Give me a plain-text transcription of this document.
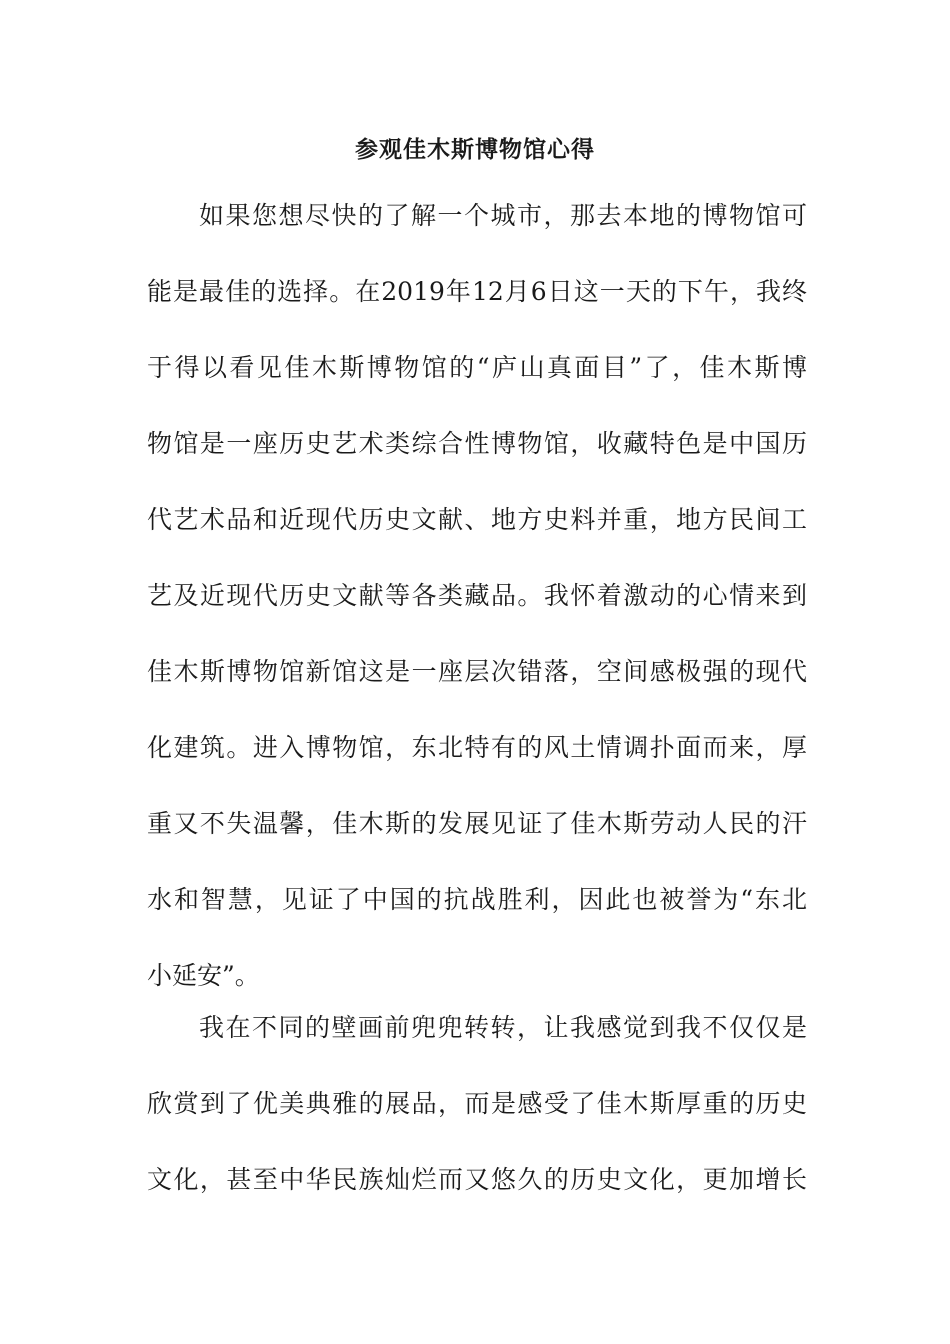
参观佳木斯博物馆心得
如果您想尽快的了解一个城市，那去本地的博物馆可
能是最佳的选择。在2019年12月6日这一天的下午，我终
于得以看见佳木斯博物馆的“庐山真面目”了，佳木斯博
物馆是一座历史艺术类综合性博物馆，收藏特色是中国历
代艺术品和近现代历史文献、地方史料并重，地方民间工
艺及近现代历史文献等各类藏品。我怀着激动的心情来到
佳木斯博物馆新馆这是一座层次错落，空间感极强的现代
化建筑。进入博物馆，东北特有的风土情调扑面而来，厚
重又不失温馨，佳木斯的发展见证了佳木斯劳动人民的汗
水和智慧，见证了中国的抗战胜利，因此也被誉为“东北
小延安”。
我在不同的壁画前兜兜转转，让我感觉到我不仅仅是
欣赏到了优美典雅的展品，而是感受了佳木斯厚重的历史
文化，甚至中华民族灿烂而又悠久的历史文化，更加增长
